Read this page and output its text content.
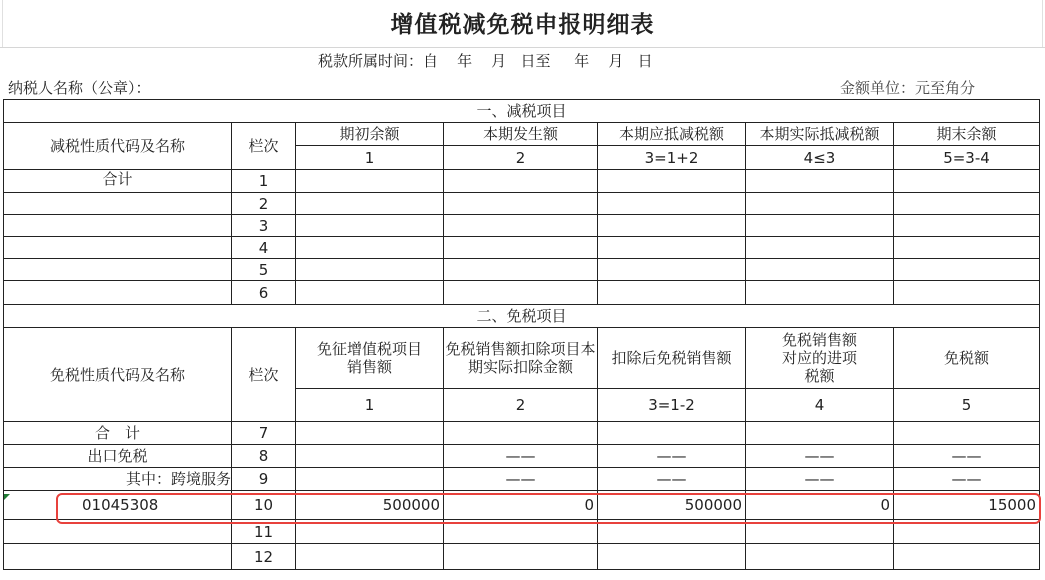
增值税减免税申报明细表
税款所属时间：自    年    月   日至     年    月   日
纳税人名称（公章）：	金额单位：元至角分
一、减税项目						
减税性质代码及名称	栏次	期初余额	本期发生额	本期应抵减税额	本期实际抵减税额	期末余额
		1	2	3=1+2	4≤3	5=3-4
合计	1					
	2					
	3					
	4					
	5					
	6					
二、免税项目						
免税性质代码及名称	栏次	免征增值税项目销售额	免税销售额扣除项目本期实际扣除金额	扣除后免税销售额	免税销售额对应的进项税额	免税额
		1	2	3=1-2	4	5
合　计	7					
出口免税	8		——	——	——	——
其中：跨境服务	9		——	——	——	——
01045308	10	500000	0	500000	0	15000
	11					
	12					
